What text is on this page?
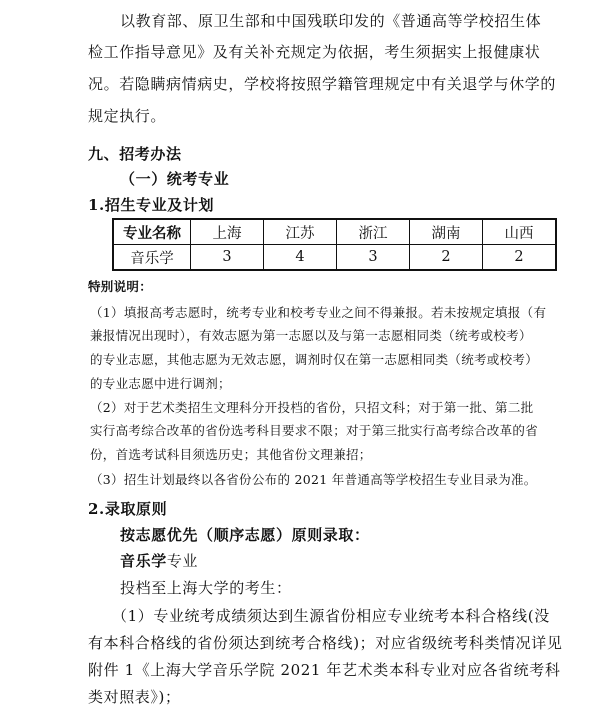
以教育部、原卫生部和中国残联印发的《普通高等学校招生体
检工作指导意见》及有关补充规定为依据，考生须据实上报健康状
况。若隐瞒病情病史，学校将按照学籍管理规定中有关退学与休学的
规定执行。
九、招考办法
（一）统考专业
1.招生专业及计划
专业名称	上海	江苏	浙江	湖南	山西
音乐学	3	4	3	2	2
特别说明：
（1）填报高考志愿时，统考专业和校考专业之间不得兼报。若未按规定填报（有
兼报情况出现时），有效志愿为第一志愿以及与第一志愿相同类（统考或校考）
的专业志愿，其他志愿为无效志愿，调剂时仅在第一志愿相同类（统考或校考）
的专业志愿中进行调剂；
（2）对于艺术类招生文理科分开投档的省份，只招文科；对于第一批、第二批
实行高考综合改革的省份选考科目要求不限；对于第三批实行高考综合改革的省
份，首选考试科目须选历史；其他省份文理兼招；
（3）招生计划最终以各省份公布的 2021 年普通高等学校招生专业目录为准。
2.录取原则
按志愿优先（顺序志愿）原则录取：
音乐学专业
投档至上海大学的考生：
（1）专业统考成绩须达到生源省份相应专业统考本科合格线(没
有本科合格线的省份须达到统考合格线)；对应省级统考科类情况详见
附件 1《上海大学音乐学院 2021 年艺术类本科专业对应各省统考科
类对照表》)；
